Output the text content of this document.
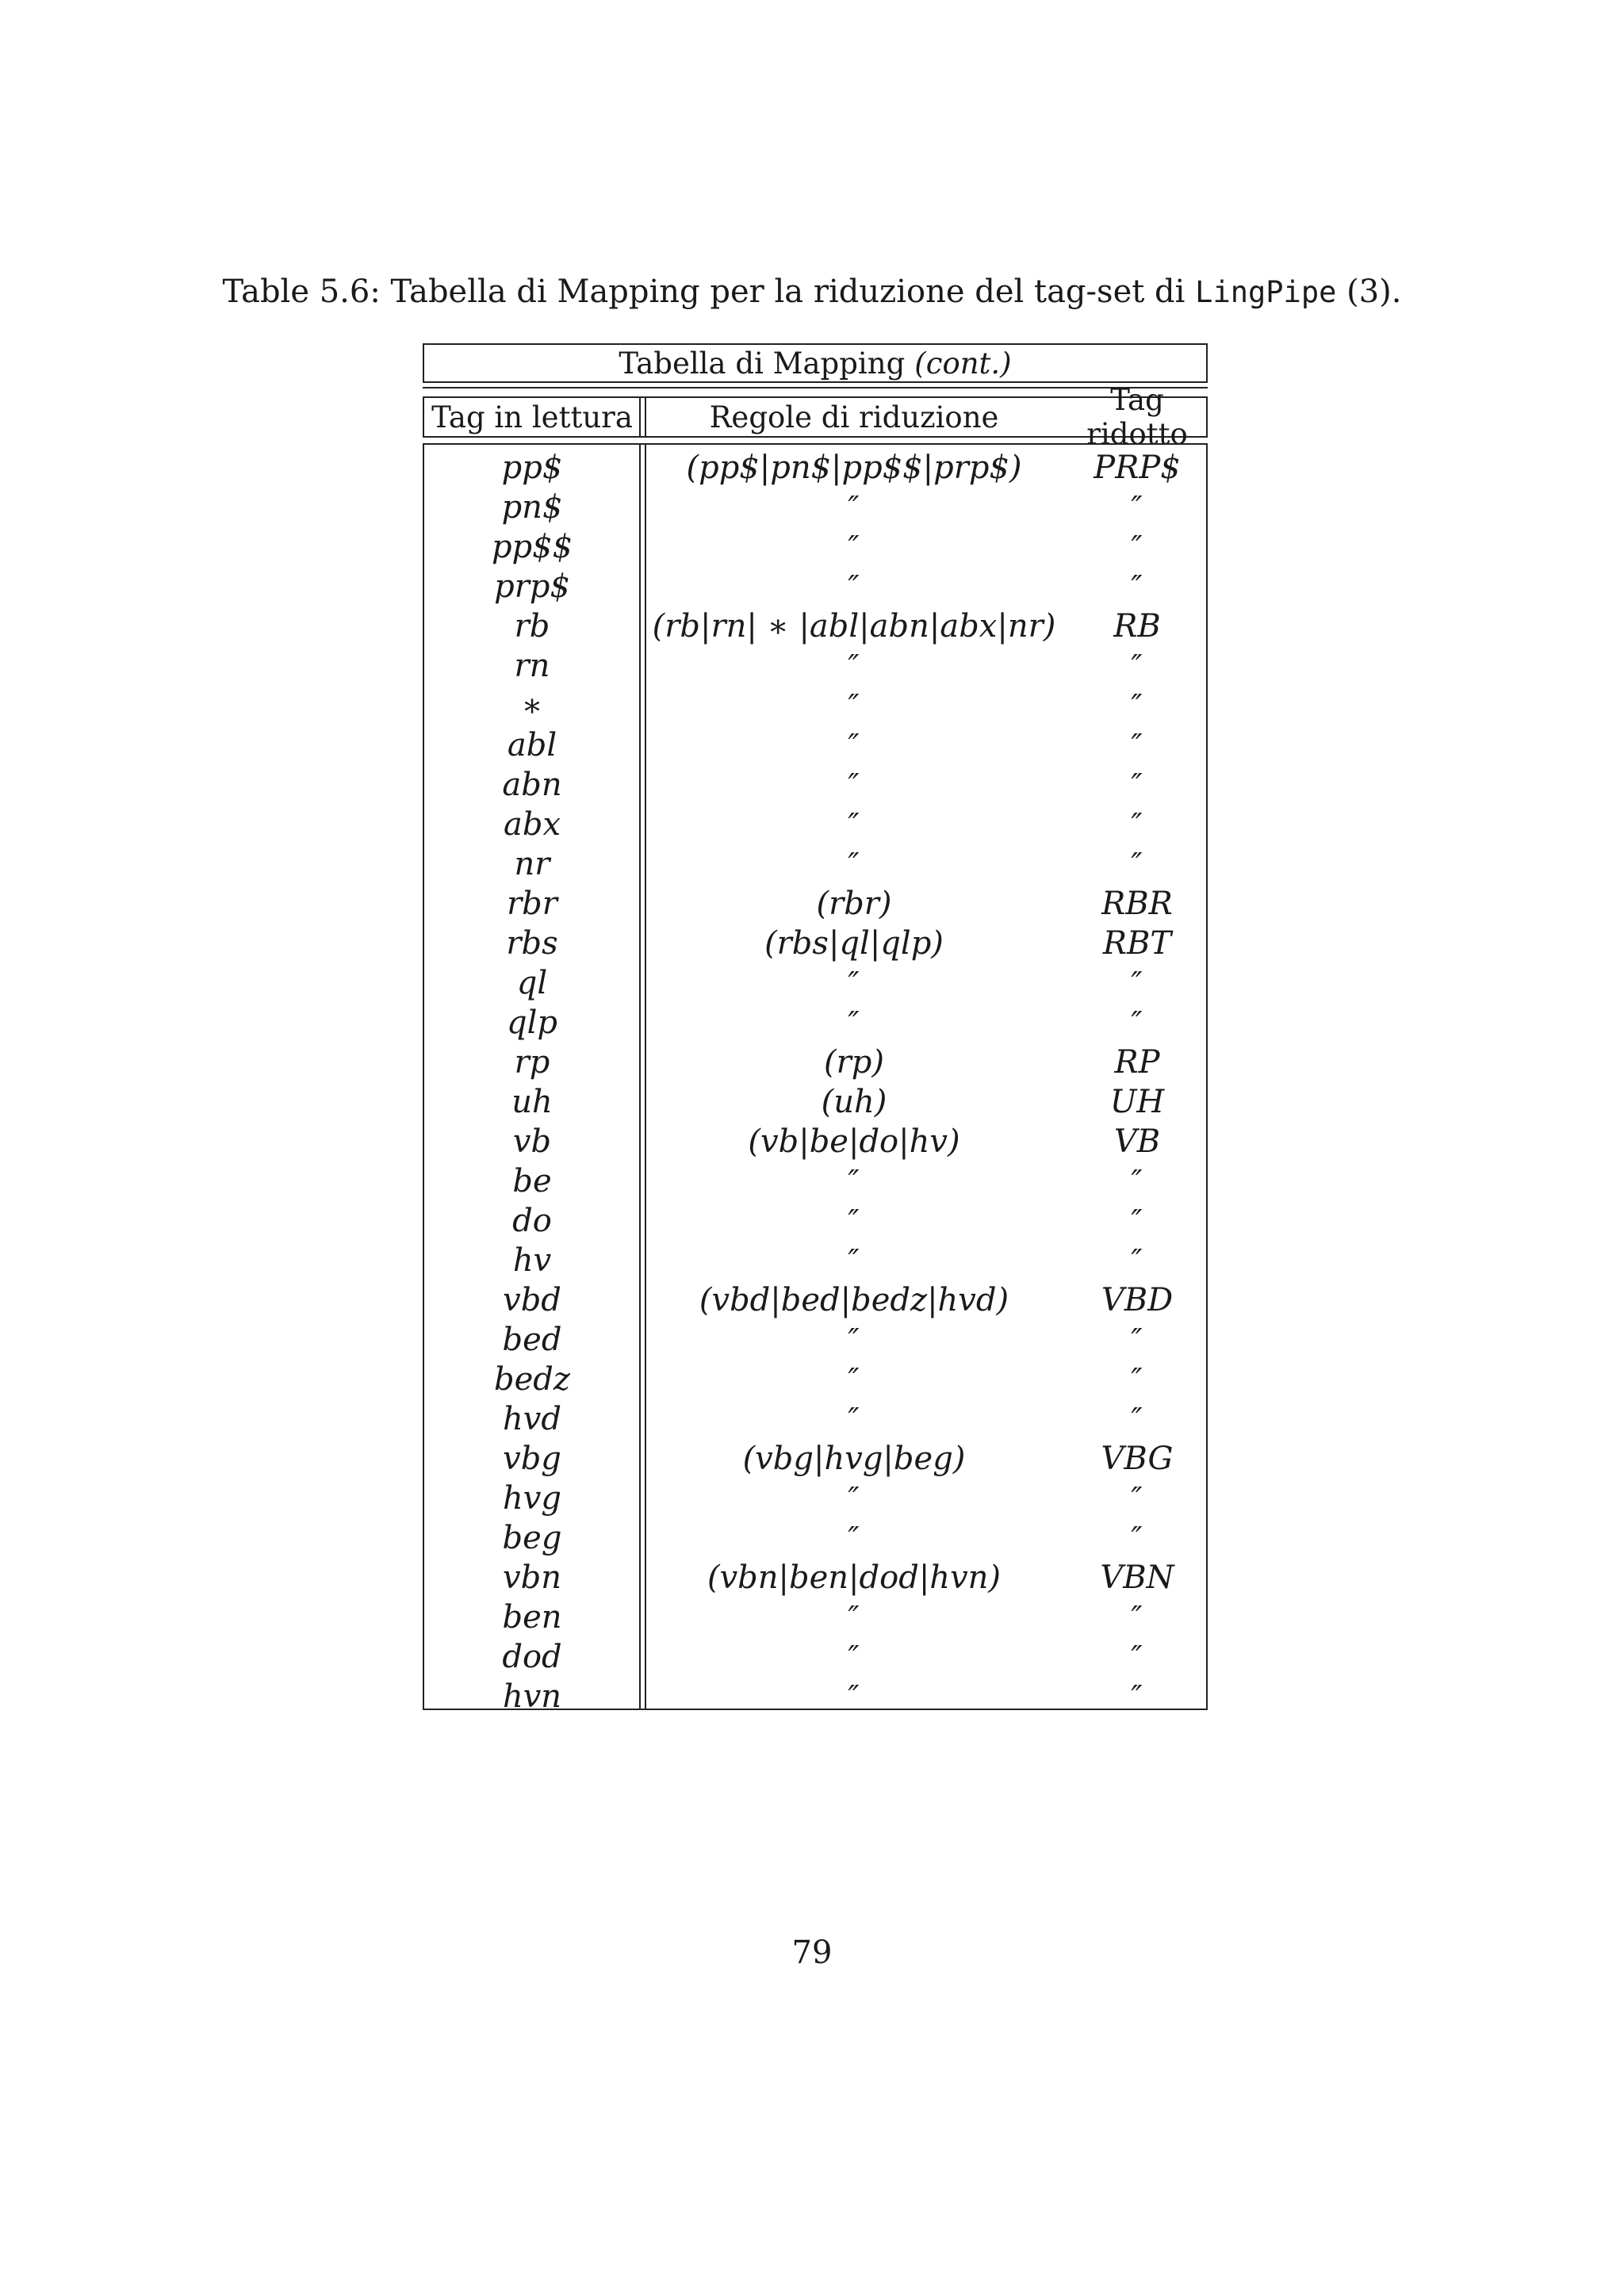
Table 5.6: Tabella di Mapping per la riduzione del tag-set di LingPipe (3).
Tabella di Mapping (cont.)
Tag in lettura	Regole di riduzione	Tag ridotto
pp$	(pp$|pn$|pp$$|prp$)	PRP$
pn$	″	″
pp$$	″	″
prp$	″	″
rb	(rb|rn| ∗ |abl|abn|abx|nr)	RB
rn	″	″
∗	″	″
abl	″	″
abn	″	″
abx	″	″
nr	″	″
rbr	(rbr)	RBR
rbs	(rbs|ql|qlp)	RBT
ql	″	″
qlp	″	″
rp	(rp)	RP
uh	(uh)	UH
vb	(vb|be|do|hv)	VB
be	″	″
do	″	″
hv	″	″
vbd	(vbd|bed|bedz|hvd)	VBD
bed	″	″
bedz	″	″
hvd	″	″
vbg	(vbg|hvg|beg)	VBG
hvg	″	″
beg	″	″
vbn	(vbn|ben|dod|hvn)	VBN
ben	″	″
dod	″	″
hvn	″	″
79
